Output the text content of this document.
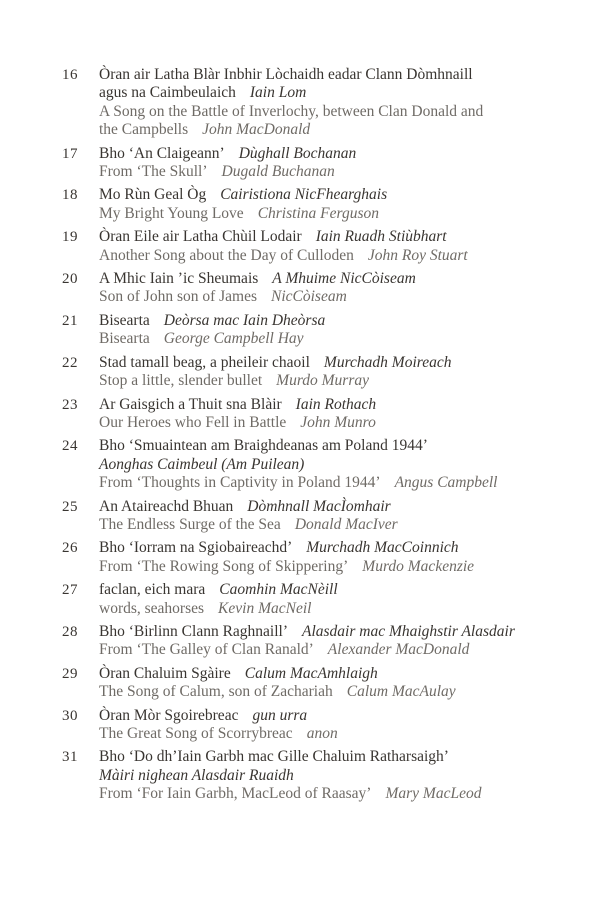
16	Òran air Latha Blàr Inbhir Lòchaidh eadar Clann Dòmhnaill
agus na Caimbeulaich Iain Lom
A Song on the Battle of Inverlochy, between Clan Donald and
the Campbells John MacDonald
17	Bho ‘An Claigeann’ Dùghall Bochanan
From ‘The Skull’ Dugald Buchanan
18	Mo Rùn Geal Òg Cairistiona NicFhearghais
My Bright Young Love Christina Ferguson
19	Òran Eile air Latha Chùil Lodair Iain Ruadh Stiùbhart
Another Song about the Day of Culloden John Roy Stuart
20	A Mhic Iain ’ic Sheumais A Mhuime NicCòiseam
Son of John son of James NicCòiseam
21	Bisearta Deòrsa mac Iain Dheòrsa
Bisearta George Campbell Hay
22	Stad tamall beag, a pheileir chaoil Murchadh Moireach
Stop a little, slender bullet Murdo Murray
23	Ar Gaisgich a Thuit sna Blàir Iain Rothach
Our Heroes who Fell in Battle John Munro
24	Bho ‘Smuaintean am Braighdeanas am Poland 1944’
Aonghas Caimbeul (Am Puilean)
From ‘Thoughts in Captivity in Poland 1944’ Angus Campbell
25	An Ataireachd Bhuan Dòmhnall MacÌomhair
The Endless Surge of the Sea Donald MacIver
26	Bho ‘Iorram na Sgiobaireachd’ Murchadh MacCoinnich
From ‘The Rowing Song of Skippering’ Murdo Mackenzie
27	faclan, eich mara Caomhin MacNèill
words, seahorses Kevin MacNeil
28	Bho ‘Birlinn Clann Raghnaill’ Alasdair mac Mhaighstir Alasdair
From ‘The Galley of Clan Ranald’ Alexander MacDonald
29	Òran Chaluim Sgàire Calum MacAmhlaigh
The Song of Calum, son of Zachariah Calum MacAulay
30	Òran Mòr Sgoirebreac gun urra
The Great Song of Scorrybreac anon
31	Bho ‘Do dh’Iain Garbh mac Gille Chaluim Ratharsaigh’
Màiri nighean Alasdair Ruaidh
From ‘For Iain Garbh, MacLeod of Raasay’ Mary MacLeod
